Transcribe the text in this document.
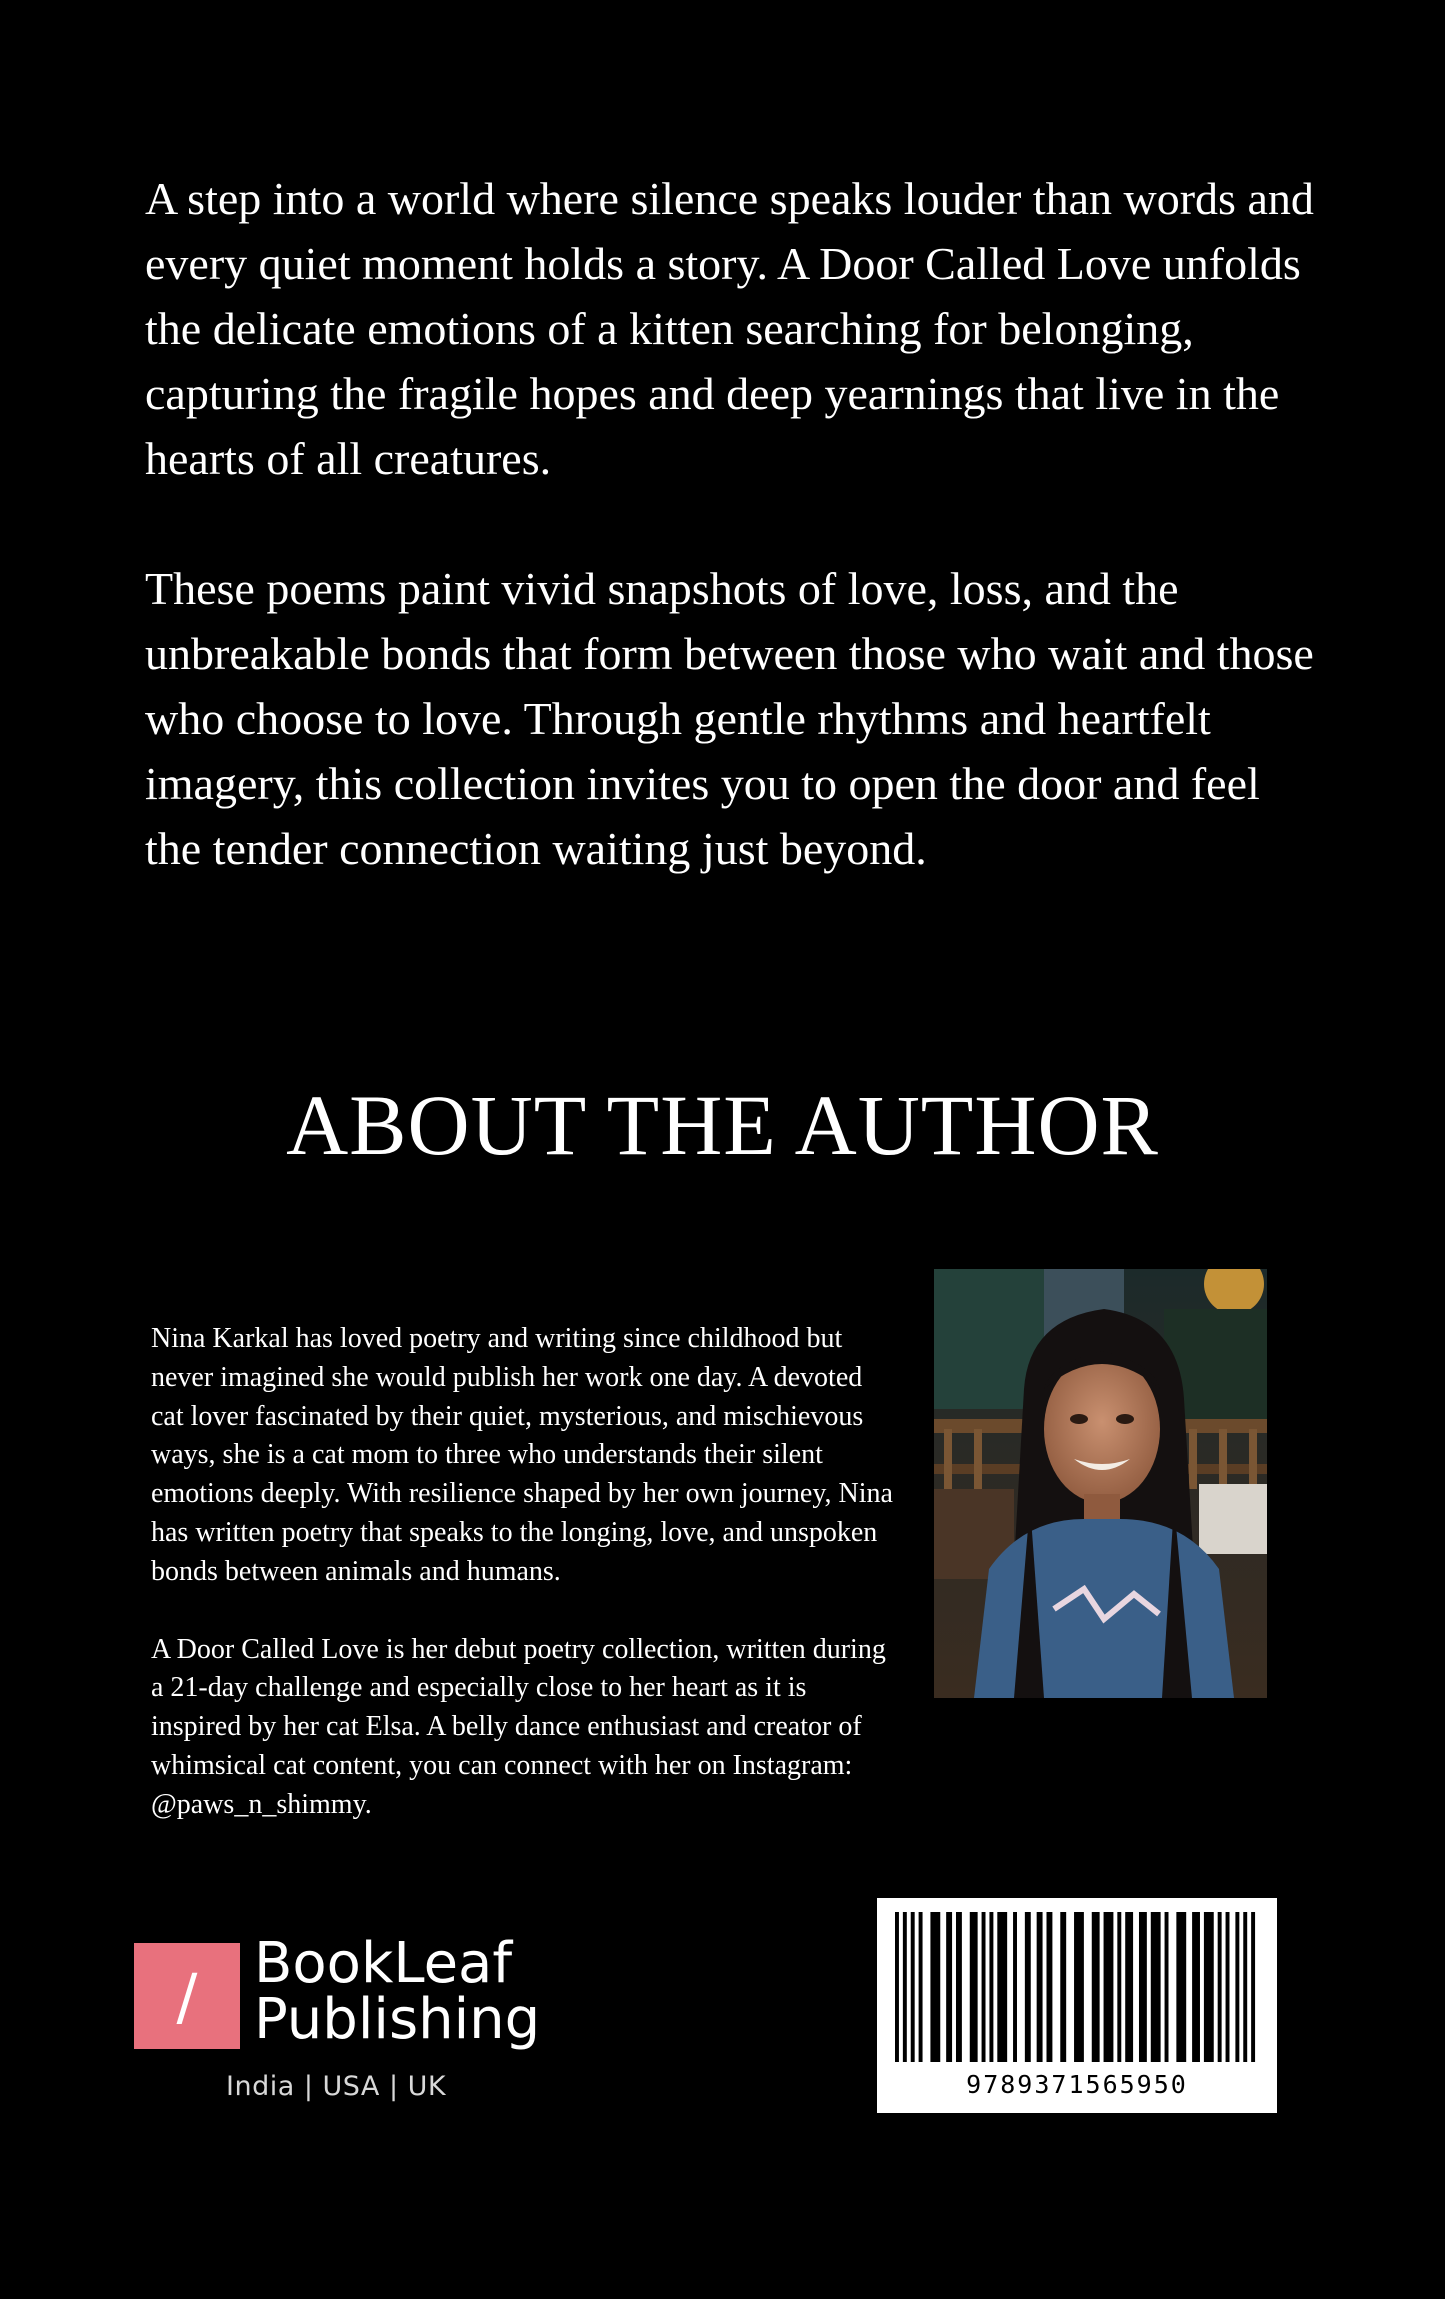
A step into a world where silence speaks louder than words and every quiet moment holds a story. A Door Called Love unfolds the delicate emotions of a kitten searching for belonging, capturing the fragile hopes and deep yearnings that live in the hearts of all creatures.

These poems paint vivid snapshots of love, loss, and the unbreakable bonds that form between those who wait and those who choose to love. Through gentle rhythms and heartfelt imagery, this collection invites you to open the door and feel the tender connection waiting just beyond.

ABOUT THE AUTHOR

Nina Karkal has loved poetry and writing since childhood but never imagined she would publish her work one day. A devoted cat lover fascinated by their quiet, mysterious, and mischievous ways, she is a cat mom to three who understands their silent emotions deeply. With resilience shaped by her own journey, Nina has written poetry that speaks to the longing, love, and unspoken bonds between animals and humans.

A Door Called Love is her debut poetry collection, written during a 21-day challenge and especially close to her heart as it is inspired by her cat Elsa. A belly dance enthusiast and creator of whimsical cat content, you can connect with her on Instagram: @paws_n_shimmy.

/	BookLeaf
Publishing
India | USA | UK	9789371565950
